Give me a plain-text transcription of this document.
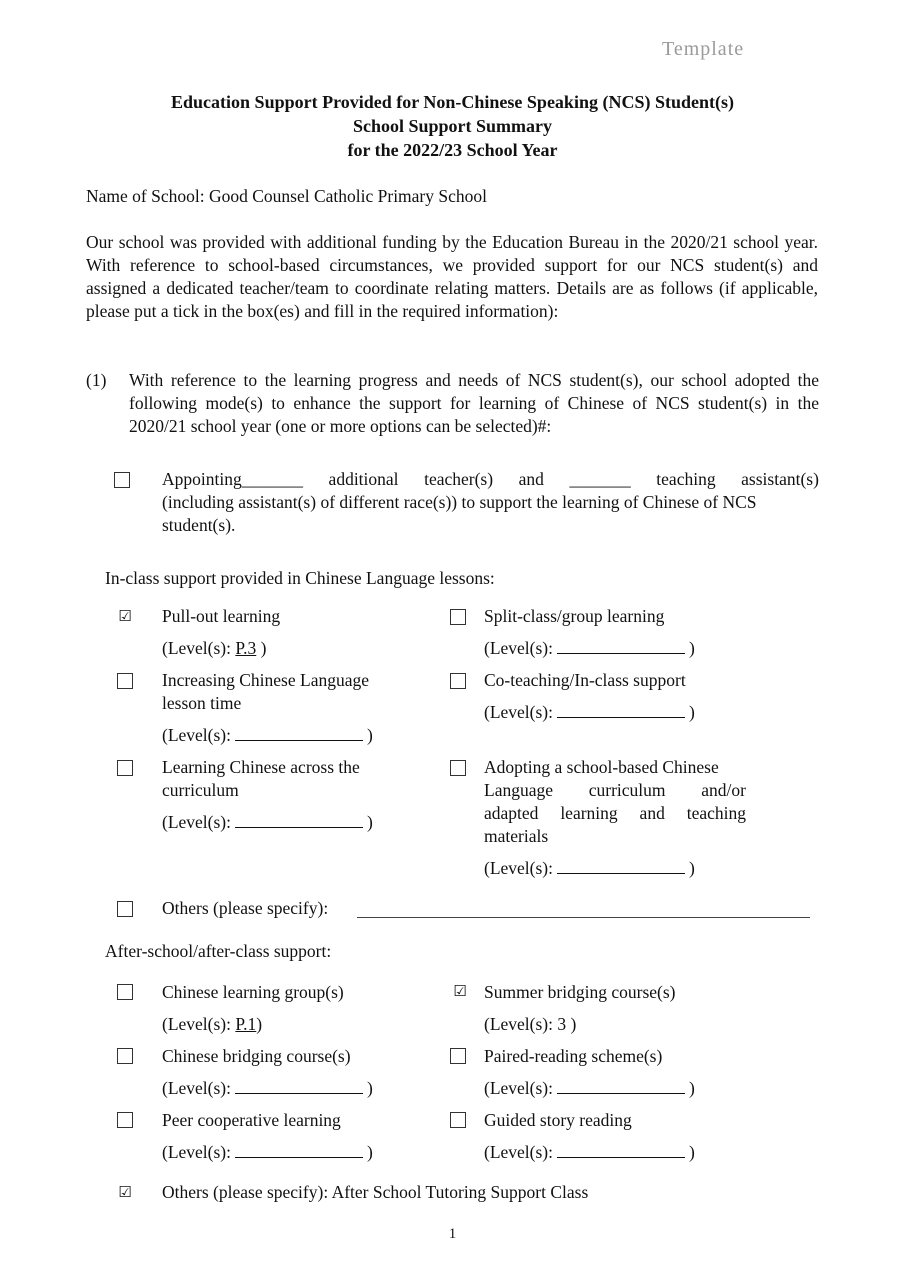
Template
Education Support Provided for Non-Chinese Speaking (NCS) Student(s)
School Support Summary
for the 2022/23 School Year
Name of School: Good Counsel Catholic Primary School
Our school was provided with additional funding by the Education Bureau in the 2020/21 school year. With reference to school-based circumstances, we provided support for our NCS student(s) and assigned a dedicated teacher/team to coordinate relating matters. Details are as follows (if applicable, please put a tick in the box(es) and fill in the required information):
(1) With reference to the learning progress and needs of NCS student(s), our school adopted the following mode(s) to enhance the support for learning of Chinese of NCS student(s) in the 2020/21 school year (one or more options can be selected)#:
Appointing_______ additional teacher(s) and _______ teaching assistant(s)
(including assistant(s) of different race(s)) to support the learning of Chinese of NCS
student(s).
In-class support provided in Chinese Language lessons:
☑ Pull-out learning
(Level(s): P.3 )
Split-class/group learning
(Level(s):	)
Increasing Chinese Language
lesson time
(Level(s):	)
Co-teaching/In-class support
(Level(s):	)
Learning Chinese across the
curriculum
(Level(s):	)
Adopting a school-based Chinese
Language curriculum and/or
adapted learning and teaching
materials
(Level(s):	)
Others (please specify):
After-school/after-class support:
Chinese learning group(s)
(Level(s): P.1)
☑ Summer bridging course(s)
(Level(s): 3 )
Chinese bridging course(s)
(Level(s):	)
Paired-reading scheme(s)
(Level(s):	)
Peer cooperative learning
(Level(s):	)
Guided story reading
(Level(s):	)
☑ Others (please specify): After School Tutoring Support Class
1
